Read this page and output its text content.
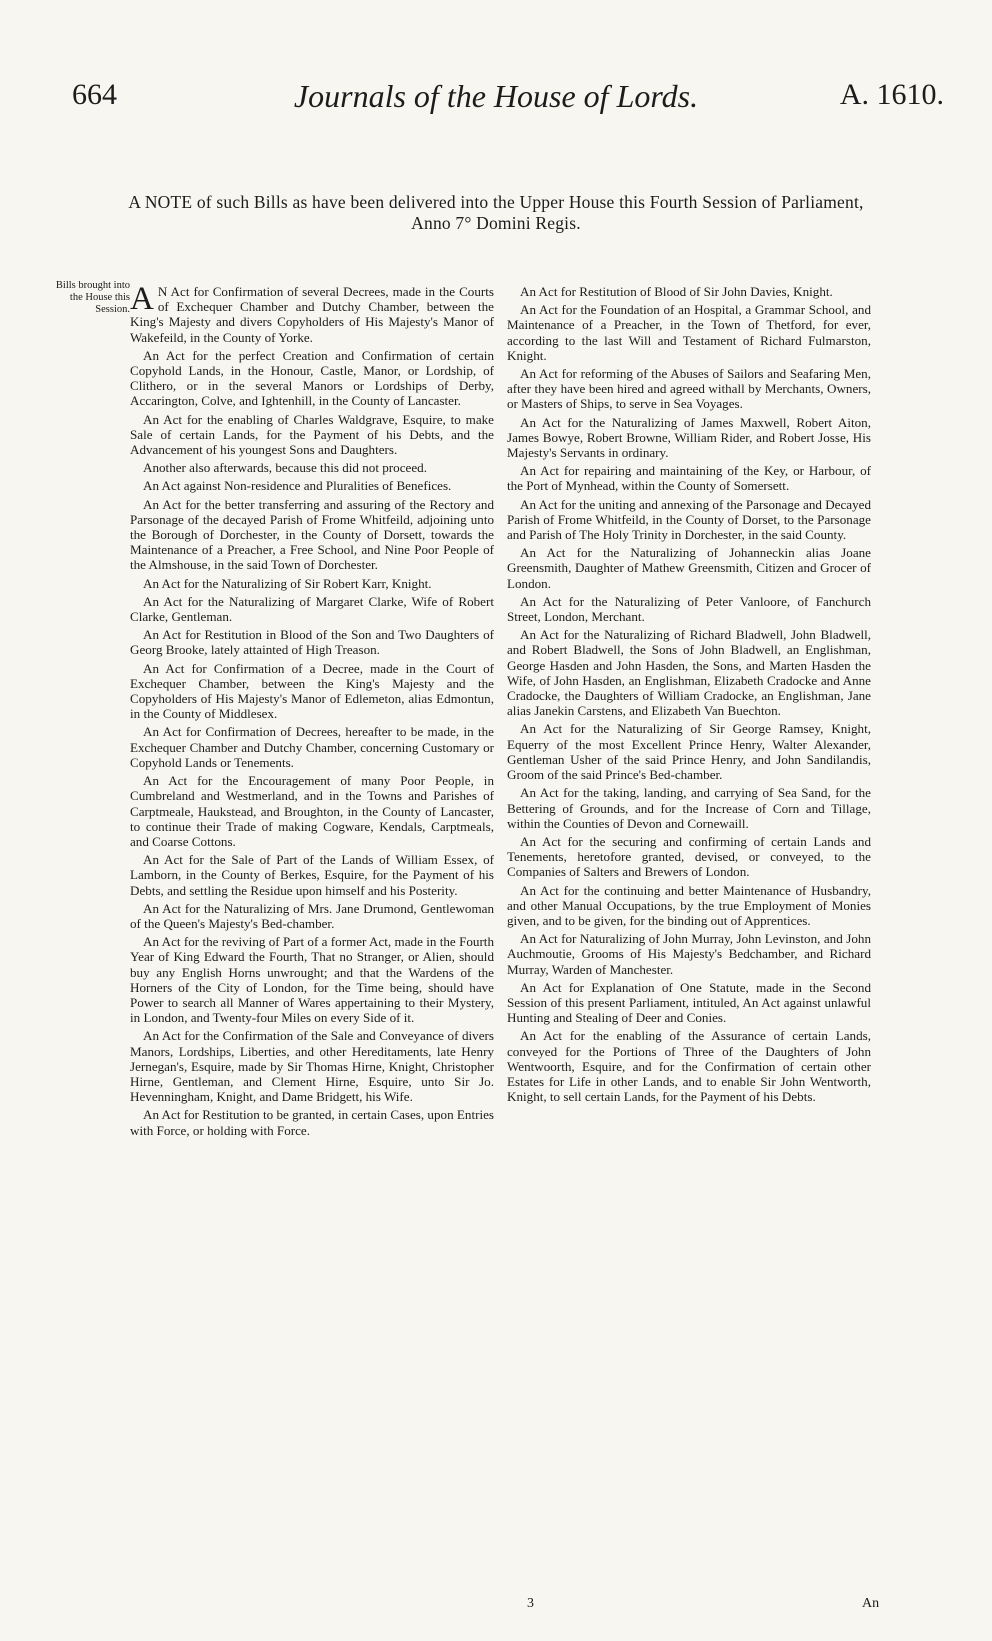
664	Journals of the House of Lords.	A. 1610.
A NOTE of such Bills as have been delivered into the Upper House this Fourth Session of Parliament, Anno 7° Domini Regis.
Bills brought into the House this Session. A N Act for Confirmation of several Decrees, made in the Courts of Exchequer Chamber and Dutchy Chamber, between the King's Majesty and divers Copyholders of His Majesty's Manor of Wakefeild, in the County of Yorke.

An Act for the perfect Creation and Confirmation of certain Copyhold Lands, in the Honour, Castle, Manor, or Lordship, of Clithero, or in the several Manors or Lordships of Derby, Accarington, Colve, and Ightenhill, in the County of Lancaster.

An Act for the enabling of Charles Waldgrave, Esquire, to make Sale of certain Lands, for the Payment of his Debts, and the Advancement of his youngest Sons and Daughters.

Another also afterwards, because this did not proceed.

An Act against Non-residence and Pluralities of Benefices.

An Act for the better transferring and assuring of the Rectory and Parsonage of the decayed Parish of Frome Whitfeild, adjoining unto the Borough of Dorchester, in the County of Dorsett, towards the Maintenance of a Preacher, a Free School, and Nine Poor People of the Almshouse, in the said Town of Dorchester.

An Act for the Naturalizing of Sir Robert Karr, Knight.

An Act for the Naturalizing of Margaret Clarke, Wife of Robert Clarke, Gentleman.

An Act for Restitution in Blood of the Son and Two Daughters of Georg Brooke, lately attainted of High Treason.

An Act for Confirmation of a Decree, made in the Court of Exchequer Chamber, between the King's Majesty and the Copyholders of His Majesty's Manor of Edlemeton, alias Edmontun, in the County of Middlesex.

An Act for Confirmation of Decrees, hereafter to be made, in the Exchequer Chamber and Dutchy Chamber, concerning Customary or Copyhold Lands or Tenements.

An Act for the Encouragement of many Poor People, in Cumbreland and Westmerland, and in the Towns and Parishes of Carptmeale, Haukstead, and Broughton, in the County of Lancaster, to continue their Trade of making Cogware, Kendals, Carptmeals, and Coarse Cottons.

An Act for the Sale of Part of the Lands of William Essex, of Lamborn, in the County of Berkes, Esquire, for the Payment of his Debts, and settling the Residue upon himself and his Posterity.

An Act for the Naturalizing of Mrs. Jane Drumond, Gentlewoman of the Queen's Majesty's Bed-chamber.

An Act for the reviving of Part of a former Act, made in the Fourth Year of King Edward the Fourth, That no Stranger, or Alien, should buy any English Horns unwrought; and that the Wardens of the Horners of the City of London, for the Time being, should have Power to search all Manner of Wares appertaining to their Mystery, in London, and Twenty-four Miles on every Side of it.

An Act for the Confirmation of the Sale and Conveyance of divers Manors, Lordships, Liberties, and other Hereditaments, late Henry Jernegan's, Esquire, made by Sir Thomas Hirne, Knight, Christopher Hirne, Gentleman, and Clement Hirne, Esquire, unto Sir Jo. Hevenningham, Knight, and Dame Bridgett, his Wife.

An Act for Restitution to be granted, in certain Cases, upon Entries with Force, or holding with Force.

An Act for Restitution of Blood of Sir John Davies, Knight.

An Act for the Foundation of an Hospital, a Grammar School, and Maintenance of a Preacher, in the Town of Thetford, for ever, according to the last Will and Testament of Richard Fulmarston, Knight.

An Act for reforming of the Abuses of Sailors and Seafaring Men, after they have been hired and agreed withall by Merchants, Owners, or Masters of Ships, to serve in Sea Voyages.

An Act for the Naturalizing of James Maxwell, Robert Aiton, James Bowye, Robert Browne, William Rider, and Robert Josse, His Majesty's Servants in ordinary.

An Act for repairing and maintaining of the Key, or Harbour, of the Port of Mynhead, within the County of Somersett.

An Act for the uniting and annexing of the Parsonage and Decayed Parish of Frome Whitfeild, in the County of Dorset, to the Parsonage and Parish of The Holy Trinity in Dorchester, in the said County.

An Act for the Naturalizing of Johanneckin alias Joane Greensmith, Daughter of Mathew Greensmith, Citizen and Grocer of London.

An Act for the Naturalizing of Peter Vanloore, of Fanchurch Street, London, Merchant.

An Act for the Naturalizing of Richard Bladwell, John Bladwell, and Robert Bladwell, the Sons of John Bladwell, an Englishman, George Hasden and John Hasden, the Sons, and Marten Hasden the Wife, of John Hasden, an Englishman, Elizabeth Cradocke and Anne Cradocke, the Daughters of William Cradocke, an Englishman, Jane alias Janekin Carstens, and Elizabeth Van Buechton.

An Act for the Naturalizing of Sir George Ramsey, Knight, Equerry of the most Excellent Prince Henry, Walter Alexander, Gentleman Usher of the said Prince Henry, and John Sandilandis, Groom of the said Prince's Bed-chamber.

An Act for the taking, landing, and carrying of Sea Sand, for the Bettering of Grounds, and for the Increase of Corn and Tillage, within the Counties of Devon and Cornewaill.

An Act for the securing and confirming of certain Lands and Tenements, heretofore granted, devised, or conveyed, to the Companies of Salters and Brewers of London.

An Act for the continuing and better Maintenance of Husbandry, and other Manual Occupations, by the true Employment of Monies given, and to be given, for the binding out of Apprentices.

An Act for Naturalizing of John Murray, John Levinston, and John Auchmoutie, Grooms of His Majesty's Bedchamber, and Richard Murray, Warden of Manchester.

An Act for Explanation of One Statute, made in the Second Session of this present Parliament, intituled, An Act against unlawful Hunting and Stealing of Deer and Conies.

An Act for the enabling of the Assurance of certain Lands, conveyed for the Portions of Three of the Daughters of John Wentwoorth, Esquire, and for the Confirmation of certain other Estates for Life in other Lands, and to enable Sir John Wentworth, Knight, to sell certain Lands, for the Payment of his Debts.

3	An
